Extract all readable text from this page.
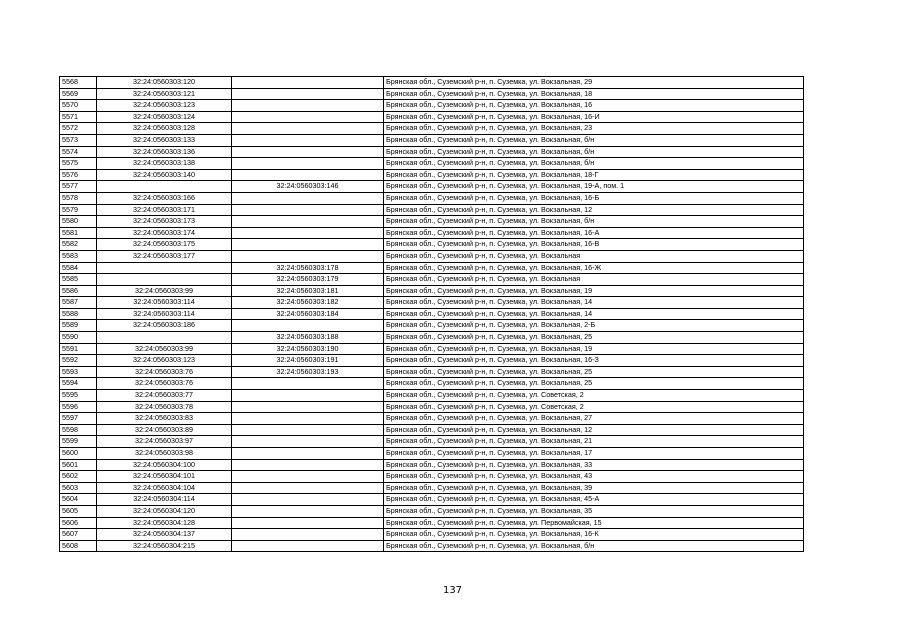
5568	32:24:0560303:120		Брянская обл., Суземский р-н, п. Суземка, ул. Вокзальная, 29
5569	32:24:0560303:121		Брянская обл., Суземский р-н, п. Суземка, ул. Вокзальная, 18
5570	32:24:0560303:123		Брянская обл., Суземский р-н, п. Суземка, ул. Вокзальная, 16
5571	32:24:0560303:124		Брянская обл., Суземский р-н, п. Суземка, ул. Вокзальная, 16-И
5572	32:24:0560303:128		Брянская обл., Суземский р-н, п. Суземка, ул. Вокзальная, 23
5573	32:24:0560303:133		Брянская обл., Суземский р-н, п. Суземка, ул. Вокзальная, б/н
5574	32:24:0560303:136		Брянская обл., Суземский р-н, п. Суземка, ул. Вокзальная, б/н
5575	32:24:0560303:138		Брянская обл., Суземский р-н, п. Суземка, ул. Вокзальная, б/н
5576	32:24:0560303:140		Брянская обл., Суземский р-н, п. Суземка, ул. Вокзальная, 18-Г
5577		32:24:0560303:146	Брянская обл., Суземский р-н, п. Суземка, ул. Вокзальная, 19-А, пом. 1
5578	32:24:0560303:166		Брянская обл., Суземский р-н, п. Суземка, ул. Вокзальная, 16-Б
5579	32:24:0560303:171		Брянская обл., Суземский р-н, п. Суземка, ул. Вокзальная, 12
5580	32:24:0560303:173		Брянская обл., Суземский р-н, п. Суземка, ул. Вокзальная, б/н
5581	32:24:0560303:174		Брянская обл., Суземский р-н, п. Суземка, ул. Вокзальная, 16-А
5582	32:24:0560303:175		Брянская обл., Суземский р-н, п. Суземка, ул. Вокзальная, 16-В
5583	32:24:0560303:177		Брянская обл., Суземский р-н, п. Суземка, ул. Вокзальная
5584		32:24:0560303:178	Брянская обл., Суземский р-н, п. Суземка, ул. Вокзальная, 16-Ж
5585		32:24:0560303:179	Брянская обл., Суземский р-н, п. Суземка, ул. Вокзальная
5586	32:24:0560303:99	32:24:0560303:181	Брянская обл., Суземский р-н, п. Суземка, ул. Вокзальная, 19
5587	32:24:0560303:114	32:24:0560303:182	Брянская обл., Суземский р-н, п. Суземка, ул. Вокзальная, 14
5588	32:24:0560303:114	32:24:0560303:184	Брянская обл., Суземский р-н, п. Суземка, ул. Вокзальная, 14
5589	32:24:0560303:186		Брянская обл., Суземский р-н, п. Суземка, ул. Вокзальная, 2-Б
5590		32:24:0560303:188	Брянская обл., Суземский р-н, п. Суземка, ул. Вокзальная, 25
5591	32:24:0560303:99	32:24:0560303:190	Брянская обл., Суземский р-н, п. Суземка, ул. Вокзальная, 19
5592	32:24:0560303:123	32:24:0560303:191	Брянская обл., Суземский р-н, п. Суземка, ул. Вокзальная, 16-З
5593	32:24:0560303:76	32:24:0560303:193	Брянская обл., Суземский р-н, п. Суземка, ул. Вокзальная, 25
5594	32:24:0560303:76		Брянская обл., Суземский р-н, п. Суземка, ул. Вокзальная, 25
5595	32:24:0560303:77		Брянская обл., Суземский р-н, п. Суземка, ул. Советская, 2
5596	32:24:0560303:78		Брянская обл., Суземский р-н, п. Суземка, ул. Советская, 2
5597	32:24:0560303:83		Брянская обл., Суземский р-н, п. Суземка, ул. Вокзальная, 27
5598	32:24:0560303:89		Брянская обл., Суземский р-н, п. Суземка, ул. Вокзальная, 12
5599	32:24:0560303:97		Брянская обл., Суземский р-н, п. Суземка, ул. Вокзальная, 21
5600	32:24:0560303:98		Брянская обл., Суземский р-н, п. Суземка, ул. Вокзальная, 17
5601	32:24:0560304:100		Брянская обл., Суземский р-н, п. Суземка, ул. Вокзальная, 33
5602	32:24:0560304:101		Брянская обл., Суземский р-н, п. Суземка, ул. Вокзальная, 43
5603	32:24:0560304:104		Брянская обл., Суземский р-н, п. Суземка, ул. Вокзальная, 39
5604	32:24:0560304:114		Брянская обл., Суземский р-н, п. Суземка, ул. Вокзальная, 45-А
5605	32:24:0560304:120		Брянская обл., Суземский р-н, п. Суземка, ул. Вокзальная, 35
5606	32:24:0560304:128		Брянская обл., Суземский р-н, п. Суземка, ул. Первомайская, 15
5607	32:24:0560304:137		Брянская обл., Суземский р-н, п. Суземка, ул. Вокзальная, 16-К
5608	32:24:0560304:215		Брянская обл., Суземский р-н, п. Суземка, ул. Вокзальная, б/н
137
